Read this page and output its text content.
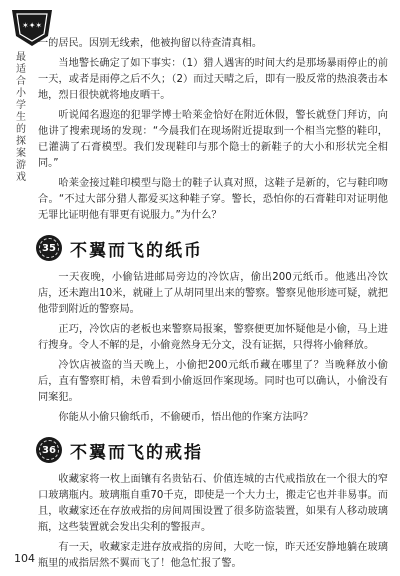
✶✦✶
最
适
合
小
学
生
的
探
案
游
戏

一的居民。因别无线索，他被拘留以待查清真相。

当地警长确定了如下事实：（1）猎人遇害的时间大约是那场暴雨停止的前一天，或者是雨停之后不久；（2）而过天晴之后，即有一股反常的热浪袭击本地，烈日很快就将地皮晒干。

听说闻名遐迩的犯罪学博士哈莱金恰好在附近休假，警长就登门拜访，向他讲了搜索现场的发现：“今晨我们在现场附近提取到一个相当完整的鞋印，已灌满了石膏模型。我们发现鞋印与那个隐士的新鞋子的大小和形状完全相同。”

哈莱金接过鞋印模型与隐士的鞋子认真对照，这鞋子是新的，它与鞋印吻合。“不过大部分猎人都爱买这种鞋子穿。警长，恐怕你的石膏鞋印对证明他无罪比证明他有罪更有说服力。”为什么？

35 不翼而飞的纸币

一天夜晚，小偷钻进邮局旁边的冷饮店，偷出200元纸币。他逃出冷饮店，还未跑出10米，就碰上了从胡同里出来的警察。警察见他形迹可疑，就把他带到附近的警察局。

正巧，冷饮店的老板也来警察局报案，警察便更加怀疑他是小偷，马上进行搜身。令人不解的是，小偷竟然身无分文，没有证据，只得将小偷释放。

冷饮店被盗的当天晚上，小偷把200元纸币藏在哪里了？当晚释放小偷后，直有警察盯梢，未曾看到小偷返回作案现场。同时也可以确认，小偷没有同案犯。

你能从小偷只偷纸币，不偷硬币，悟出他的作案方法吗？

36 不翼而飞的戒指

收藏家将一枚上面镶有名贵钻石、价值连城的古代戒指放在一个很大的窄口玻璃瓶内。玻璃瓶自重70千克，即使是一个大力士，搬走它也并非易事。而且，收藏家还在存放戒指的房间周围设置了很多防盗装置，如果有人移动玻璃瓶，这些装置就会发出尖利的警报声。

有一天，收藏家走进存放戒指的房间，大吃一惊，昨天还安静地躺在玻璃瓶里的戒指居然不翼而飞了！他急忙报了警。

104
